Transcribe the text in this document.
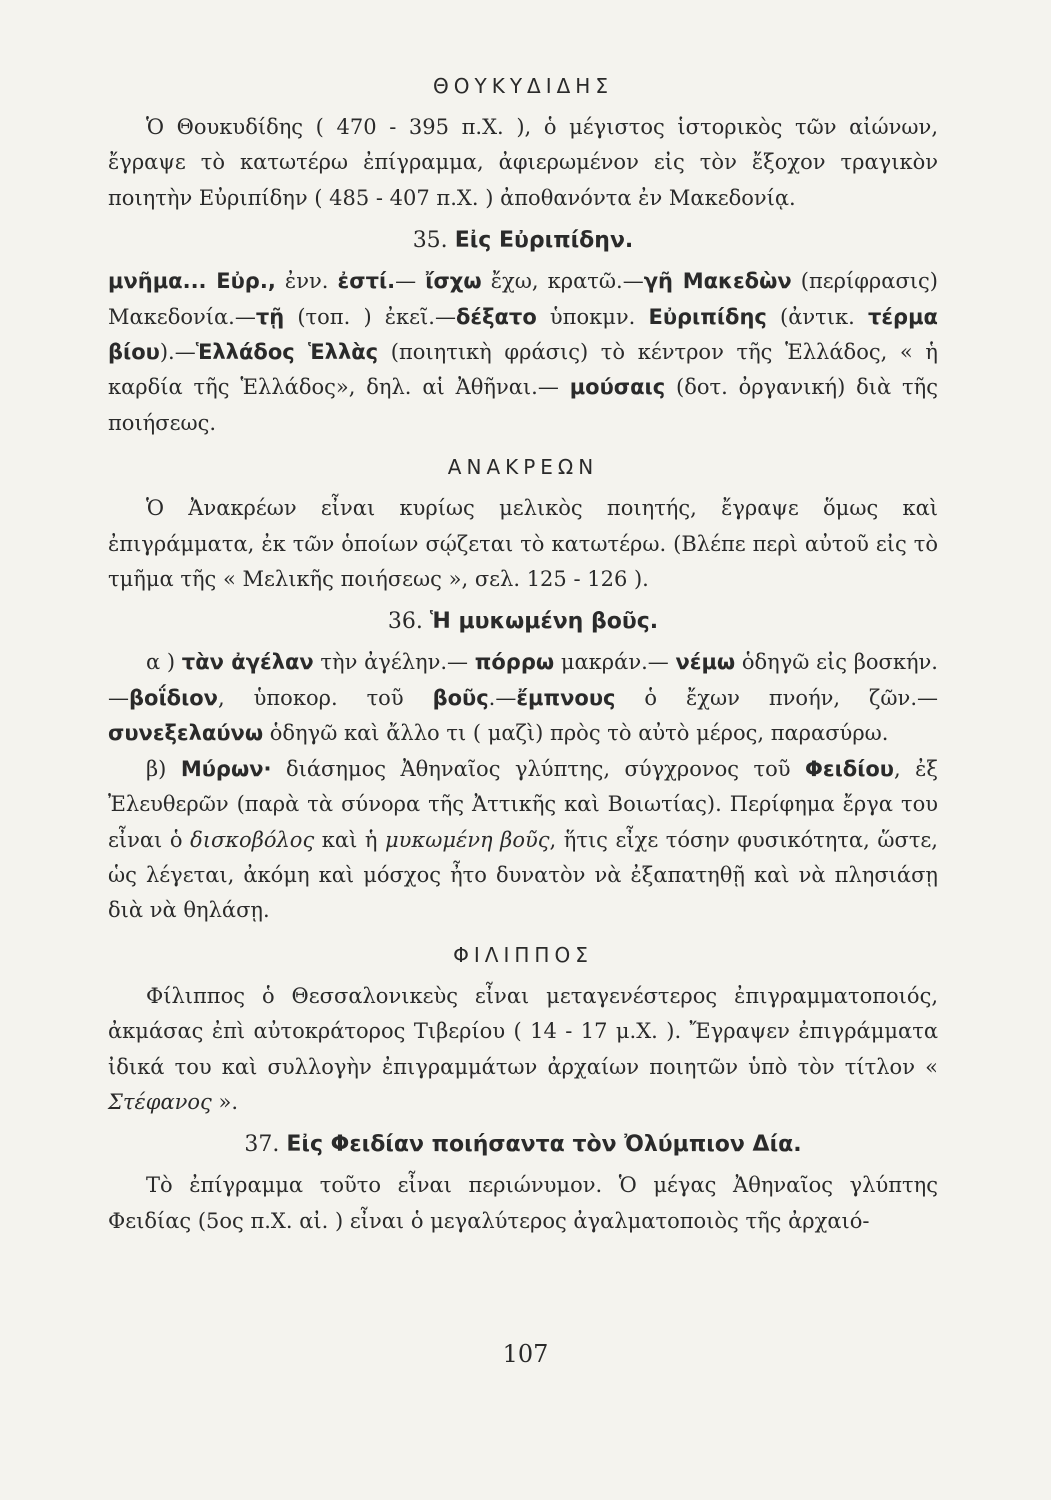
ΘΟΥΚΥΔΙΔΗΣ

Ὁ Θουκυδίδης ( 470 - 395 π.Χ. ), ὁ μέγιστος ἱστορικὸς τῶν αἰώνων, ἔγραψε τὸ κατωτέρω ἐπίγραμμα, ἀφιερωμένον εἰς τὸν ἔξοχον τραγικὸν ποιητὴν Εὐριπίδην ( 485 - 407 π.Χ. ) ἀποθανόντα ἐν Μακεδονίᾳ.

35. Εἰς Εὐριπίδην.

μνῆμα... Εὐρ., ἐνν. ἐστί.— ἴσχω ἔχω, κρατῶ.—γῆ Μακεδὼν (περίφρασις) Μακεδονία.—τῇ (τοπ. ) ἐκεῖ.—δέξατο ὑποκμν. Εὐριπίδης (ἀντικ. τέρμα βίου).—Ἑλλάδος Ἑλλὰς (ποιητικὴ φράσις) τὸ κέντρον τῆς Ἑλλάδος, « ἡ καρδία τῆς Ἑλλάδος», δηλ. αἱ Ἀθῆναι.— μούσαις (δοτ. ὀργανική) διὰ τῆς ποιήσεως.

ΑΝΑΚΡΕΩΝ

Ὁ Ἀνακρέων εἶναι κυρίως μελικὸς ποιητής, ἔγραψε ὅμως καὶ ἐπιγράμματα, ἐκ τῶν ὁποίων σῴζεται τὸ κατωτέρω. (Βλέπε περὶ αὐτοῦ εἰς τὸ τμῆμα τῆς « Μελικῆς ποιήσεως », σελ. 125 - 126 ).

36. Ἡ μυκωμένη βοῦς.

α ) τὰν ἀγέλαν τὴν ἀγέλην.— πόρρω μακράν.— νέμω ὁδηγῶ εἰς βοσκήν.—βοΐδιον, ὑποκορ. τοῦ βοῦς.—ἔμπνους ὁ ἔχων πνοήν, ζῶν.— συνεξελαύνω ὁδηγῶ καὶ ἄλλο τι ( μαζὶ) πρὸς τὸ αὐτὸ μέρος, παρασύρω.

β) Μύρων· διάσημος Ἀθηναῖος γλύπτης, σύγχρονος τοῦ Φειδίου, ἐξ Ἐλευθερῶν (παρὰ τὰ σύνορα τῆς Ἀττικῆς καὶ Βοιωτίας). Περίφημα ἔργα του εἶναι ὁ δισκοβόλος καὶ ἡ μυκωμένη βοῦς, ἥτις εἶχε τόσην φυσικότητα, ὥστε, ὡς λέγεται, ἀκόμη καὶ μόσχος ἦτο δυνατὸν νὰ ἐξαπατηθῇ καὶ νὰ πλησιάσῃ διὰ νὰ θηλάσῃ.

ΦΙΛΙΠΠΟΣ

Φίλιππος ὁ Θεσσαλονικεὺς εἶναι μεταγενέστερος ἐπιγραμματοποιός, ἀκμάσας ἐπὶ αὐτοκράτορος Τιβερίου ( 14 - 17 μ.Χ. ). Ἔγραψεν ἐπιγράμματα ἰδικά του καὶ συλλογὴν ἐπιγραμμάτων ἀρχαίων ποιητῶν ὑπὸ τὸν τίτλον « Στέφανος ».

37. Εἰς Φειδίαν ποιήσαντα τὸν Ὀλύμπιον Δία.

Τὸ ἐπίγραμμα τοῦτο εἶναι περιώνυμον. Ὁ μέγας Ἀθηναῖος γλύπτης Φειδίας (5ος π.Χ. αἰ. ) εἶναι ὁ μεγαλύτερος ἀγαλματοποιὸς τῆς ἀρχαιό-

107
